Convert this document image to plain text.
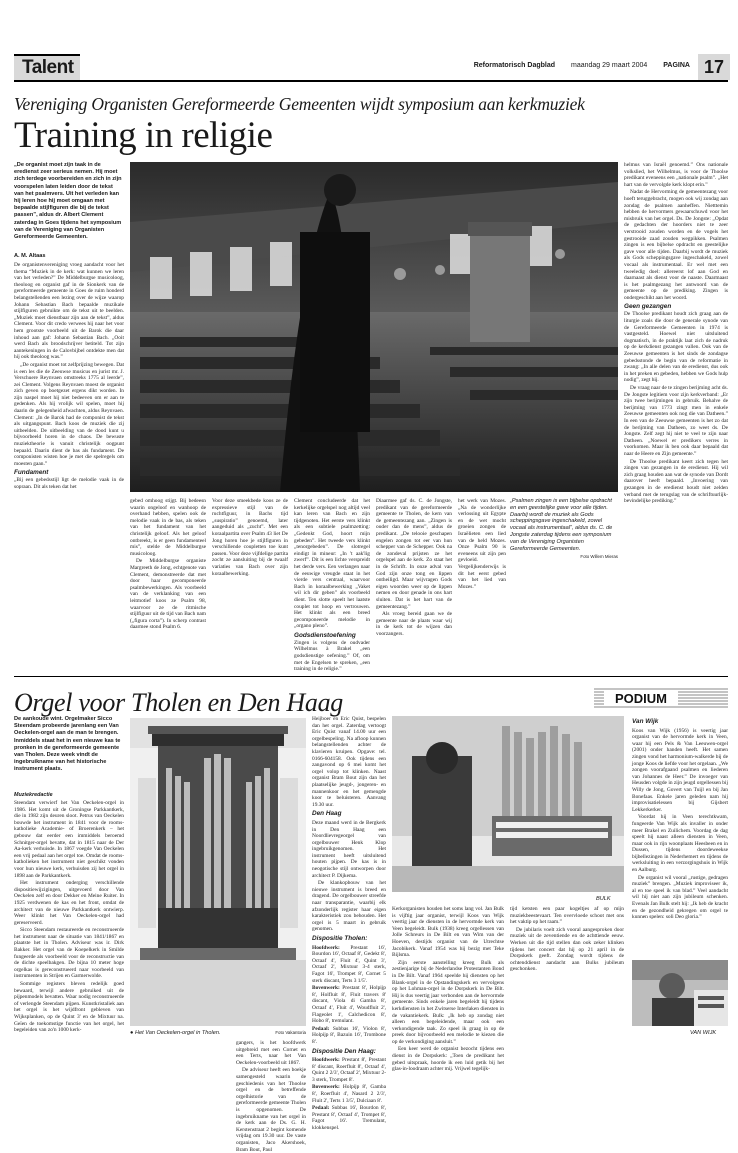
Talent	Reformatorisch Dagblad maandag 29 maart 2004 PAGINA 17
Vereniging Organisten Gereformeerde Gemeenten wijdt symposium aan kerkmuziek
Training in religie
„De organist moet zijn taak in de eredienst zeer serieus nemen. Hij moet zich terdege voorbereiden en zich in zijn voorspelen laten leiden door de tekst van het psalmvers. Uit het verleden kan hij leren hoe hij moet omgaan met bepaalde stijlfiguren die bij de tekst passen”, aldus dr. Albert Clement zaterdag in Goes tijdens het symposium van de Vereniging van Organisten Gereformeerde Gemeenten.
A. M. Altaas

De organistenvereniging vroeg aandacht voor het thema “Muziek in de kerk: wat kunnen we leren van het verleden?” De Middelburgse musicoloog, theoloog en organist gaf in de Sionkerk van de gereformeerde gemeente in Goes de ruim honderd belangstellenden een lezing over de wijze waarop Johann Sebastian Bach bepaalde muzikale stijlfiguren gebruikte om de tekst uit te beelden. „Muziek moet dienstbaar zijn aan de tekst”, aldus Clement. Voor dit credo verwees hij naar het voor hem grootste voorbeeld uit de Barok die daar inhoud aan gaf: Johann Sebastian Bach. „Ooit werd Bach als broodschrijver betiteld. Tot zijn aantekeningen in de Calovbijbel ontdekte men dat hij ook theoloog was.”

„De organist moet tot zelfprijzing bewegen. Dat is een les die de Zeeuwse musicus en jurist mr. J. Verschuere Reynvaen omstreeks 1775 al leerde”, zei Clement. Volgens Reynvaen moest de organist zich geven op boetgezet ergens dikt worden. In zijn naspel moet hij niet bedeeven om er aan te gedenken. Als hij vrolijk wil spelen, moet hij daarin de gelegenheid afwachten, aldus Reynvaen. Clement: „In de Barok had de componist de tekst als uitgangspunt. Bach koos de muziek die zij uitbeelden. De uitbeelding van de dood kunt u bijvoorbeeld horen in de chaos. De bewuste muziektheorie is vanuit christelijk oogpunt bepaald. Daarin dient de bas als fundament. De componisten wisten hoe je met die spelregels om moesten gaan.”

Fundament

„Bij een gebedsstijl ligt de melodie vaak in de sopraan. Dit als teken dat het

gebed omhoog stijgt. Bij bedeesn waarin ongeloof en wanhoop de overhand hebben, spelen ook de melodie vaak in de bas, als teken van het fundament van het christelijk geloof. Als het geloof ontbreekt, is er geen fundamenteel mis”, stelde de Middelburgse musicoloog.

De Middelburgse organiste Margreeth de Jong, echtgenote van Clement, demonstreerde dat met door haar gecomponeerde psalmbewerkingen. Als voorbeeld van de verklanking van een leitmotief koos ze Psalm 98, waarvoor ze de ritmische stijlfiguur uit de tijd van Bach nam („figura corta”). In scherp contrast daarmee stond Psalm 6.

Voor deze smeekbede koos ze de expressieve stijl van de ruchtfiguur, in Bachs tijd „suspiratio” genoemd, later aangeduid als „zucht”. Met een koraalpartita over Psalm 43 liet De Jong horen hoe je stijlfiguren in verschillende coupletten toe kunt passen. Voor deze vijfdelige partita zocht ze aansluiting bij de twaalf variaties van Bach over zijn koraalbewerking.

Clement concludeerde dat het kerkelijke orgelspel nog altijd veel kan leren van Bach en zijn tijdgenoten. Het eerste vers klinkt als een subtiele psalmzetting: „Gedenkt God, hoort mijn gebeden”. Het tweede vers klinkt „tenorgebeden”. De slotregel eindigt in mineur: „In 't aak'lig zwerf”. Dit is een lichte verspreidt het derde vers. Een verlangen naar de eeuwige vreugde staat in het vierde vers centraal, waarvoor Bach in koraalbewerking „Vaket wil ich dir geben” als voorbeeld dient. Ten slotte speelt het laatste couplet tot hoop en vertrouwen. Het klinkt als een breed gecomponeerde melodie in „organo pleno”.

Godsdienstoefening

Zingen is volgens de oudvader Wilhelmus à Brakel „een godsdienstige oefening.” Of, om met de Engelsen te spreken, „een training in de religie.”

Diaarmee gaf ds. C. de Jongste, predikant van de gereformeerde gemeente te Tholen, de kern van de gemeentezang aan. „Zingen is ouder dan de mens”, aldus de predikant. „De telooie geschapen engelen zongen tot eer van hun schepper van de Schepper. Ook na de zondeval prijsten ze het orgelspel aan de kerk. Zo staat het in de Schrift. In onze adval van God zijn onze tong en lippen ontheiligd. Maar wijvragen Gods eigen woorden weer op de lippen nemen en door genade in ons hart sluiten. Dat is het hart van de gemeentezang.”

Als vroeg bereid gaan we de gemeente naar de plaats waar wij in de kerk tot de wijzen dan voorzangers.

het werk van Mozes. „Na de wonderlijke verlossing uit Egypte en de wet mocht groeien zongen de Israëlieten een lied van de held Mozes. Onze Psalm 90 is eveneens uit zijn pen gevloeid. Vergelijkenderwijs is dit het eerst gebed van het lied van Mozes.”

„Psalmen zingen is een bijbelse opdracht en een geestelijke gave voor alle tijden. Daarbij wordt de muziek als Gods scheppingsgave ingeschakeld, zowel vocaal als instrumentaal”, aldus ds. C. de Jongste zaterdag tijdens een symposium van de Vereniging Organisten Gereformeerde Gemeenten.
Foto Willem Mieras

helmus van Israël genoemd.” Ons nationale volkslied, het Wilhelmus, is voor de Thoolse predikant eveneens een „nationale psalm”. „Het hart van de vervolgde kerk klopt erin.”

Nadat de Hervorming de gemeentezang voor hoeft teruggebracht, mogen ook wij zondag aan zondag de psalmen aanheffen. Nietttemin hebben de hervormers gewaarschuwd voor het misbruik van het orgel. Ds. De Jongste: „Opdat de gedachten der hoorders niet te zeer verstrooid zouden worden en de vogels het gestrooide zaad zouden wegpikken. Psalmen zingen is een bijbelse opdracht en geestelijke gave voor alle tijden. Daarbij wordt de muziek als Gods scheppingsgave ingeschakeld, zowel vocaal als instrumentaal. Er wel met een tweeledig doel: allereerst lof aan God en daarnaast als dienst voor de naaste. Daarmaast is het psalmgezang het antwoord van de gemeente op de prediking. Zingen is ondergeschikt aan het woord.

Geen gezangen

De Thoolse predikant houdt zich graag aan de liturgie zoals die door de generale synode van de Gereformeerde Gemeenten in 1974 is vastgesteld. Hoewel niet uitsluitend dogmatisch, in de praktijk laat zich de nadruk op de kerkdienst gezangen vallen. Ook van de Zeeuwse gemeenten is het sinds de zondagse gebedsstonde de begin van de reformatie in zwang: „In alle delen van de eredienst, dus ook in het preken en gebeden, hebben we Gods hulp nodig”, zegt hij.

De vraag naar de te zingen berijming acht ds. De Jongste legitiem voor zijn kerkverband: „Er zijn twee berijmingen in gebruik. Behalve de berijming van 1773 zingt men in enkele Zeeuwse gemeenten ook nog die van Datheen.” In een van de Zeeuwse gemeenten is het zo dat de berijming van Datheen, zo weet ds. De Jongste. Zelf zegt hij niet te veel te zijn naar Datheen. „Noewel er predikers verres in voorkomen. Maar ik ben ook daar bepaald dat naar de Heere en Zijn gemeente.”

De Thoolse predikant keert zich tegen het zingen van gezangen in de eredienst. Hij wil zich graag houden aan wat de synode van Dordt daarover heeft bepaald. „Invoering van gezangen in de eredienst houdt niet zelden verband met de terugslag van de schriftuurlijk-bevindelijke prediking.”

Orgel voor Tholen en Den Haag	PODIUM
De aankoude wint. Orgelmaker Sicco Steendam probeerde jarenlang een Van Oeckelen-orgel aan de man te brengen. Inmiddels staat het in een nieuwe kas te pronken in de gereformeerde gemeente van Tholen. Deze week vindt de ingebruikname van het historische instrument plaats.
Muziekredactie

Steendam verwierf het Van Oeckelen-orgel in 1986. Het komt uit de Groningse Parkkantkerk, die in 1982 zijn deuren sloot. Petrus van Oeckelen bouwde het instrument in 1841 voor de rooms-katholieke Academie- of Broerenkerk – het gebouw dat eerder een immiddels beroemd Schnitger-orgel bevatte, dat in 1815 naar de Der Aa-kerk verhuisde. In 1867 voegde Van Oeckelen een vrij pedaal aan het orgel toe. Omdat de rooms-katholieken het instrument niet geschikt vonden voor hun nieuwe kerk, verhuisden zij het orgel in 1898 aan de Parkkantkerk.

Het instrument onderging verschillende dispositiewijzigingen, uitgevoerd door Van Oeckelen zelf en door Dekker en Meine Ruiter. In 1925 verdwenen de kas en het front, omdat de architect van de nieuwe Parkkantkerk ontwierp. Weer klinkt het Van Oeckelen-orgel had gereserveerd.

Sicco Steendam restaureerde en reconstrueerde het instrument naar de situatie van 1841/1867 en plaatste het in Tholen. Adviseur was ir. Dirk Bakker. Het orgel van de Koepelkerk in Smilde fungeerde als voorbeeld voor de reconstructie van de dichte speelbakgen. De bijna 10 meter hoge orgelkas is gereconstrueerd naar voorbeeld van instrumenten in Strijen en Garmerwolde.

Sommige registers bleven redelijk goed bewaard, terwijl andere gebruiked uit de pijpenmodels bevatten. Waar nodig reconstrueerde of verlengde Steendam pijpen. Kunstkristaliek aan het orgel is het wijdfront gebleven van Wijksplanken, op de Quint 3' en de Mixtuur na. Geïen de toekomstige functie van het orgel, het begeleiden van zo'n 1000 kerk-	● Het Van Oeckelen-orgel in Tholen.	Foto Vakantoria

Heijboer en Eric Quist, bespelen dan het orgel. Zaterdag vertoogt Eric Quist vanaf 14.00 uur een orgelbespeling. Na afloop kunnen belangstellenden achter de klavieren kruipen. Opgave: tel. 0166-604158. Ook tijdens een zangavond op 6 mei komt het orgel volop tot klinken. Naast organist Bram Bout zijn dan het plaatselijke jeugd-, jongeren- en mannenkoor en het gemengde koor te beluisteren. Aanvang 19.30 uur.

Den Haag

Deze maand werd in de Bergkerk in Den Haag een Noordlievregeorgel van orgelbouwer Henk Klop ingebruikgenomen. Het instrument heeft uitsluitend houten pijpen. De kas is in neogotische stijl ontworpen door architect P. Dijkema.

De klankopbouw van het nieuwe instrument is breed en dragend. De orgelbouwer streefde naar transparantie, waarbij elk afzonderlijk register haar eigen karakteristiek zou behouden. Het orgel is 5 maart in gebruik genomen.

Dispositie Tholen:

Hoofdwerk: Prestant 16', Bourdon 16', Octaaf 8', Gedekt 8', Octaaf 4', Fluit 4', Quint 3', Octaaf 2', Mixtuur 3-4 sterk, Fagot 16', Trompet 8', Cornet 5 sterk discant, Terts 3 1/5'.

Bovenwerk: Prestant 8', Holpijp 8', Holfluit 8', Fluit travers 8' discant, Viola di Gamba 8', Octaaf 4', Fluit 4', Woudfluit 2', Flageolet 1', Calchedicon 8', Hobo 8', tremulant.

Pedaal: Subbas 16', Violon 8', Holpijp 8', Bazuin 16', Trombone 8'.

Dispositie Den Haag:

Hoofdwerk: Prestant 8', Prestant 8' discant, Roerfluit 8', Octaaf 4', Quint 2 2/3', Octaaf 2', Mixtuur 2-3 sterk, Trompet 8'.

Bovenwerk: Holpijp 8', Gamba 8', Roerfluit 4', Nasard 2 2/3', Fluit 2', Terts 1 3/5', Dulciaan 8'.

Pedaal: Subbas 16', Bourdon 8', Prestant 8', Octaaf 4', Trompet 8', Fagot 16'. Tremulant, klokkenspel.

BULK

Kerkorganisten houden het soms lang vol. Jan Bulk is vijftig jaar organist, terwijl Koos van Wijk veertig jaar de diensten in de hervormde kerk van Veen begeleidt. Bulk (1938) kreeg orgellessen van Jolle Schreurs in De Bilt en van Wim van der Hoeven, destijds organist van de Utrechtse Jacobikerk. Vanaf 1954 was hij bezig met Teke Bijlsma.

Zijn eerste aanstelling kreeg Bulk als zestienjarige bij de Nederlandse Protestanten Bond in De Bilt. Vanaf 1964 speelde hij diensten op het Blank-orgel in de Opstandingskerk en vervolgens op het Lohman-orgel in de Dorpskerk in De Bilt. Hij is dus veertig jaar verbonden aan de hervormde gemeente. Sinds enkele jaren begeleidt hij tijdens kerkdiensten in het Zwitserse Interlaken diensten in de vakantiekerk. Bulk: „Ik heb op zondag niet alleen een begeleidende, maar ook een verkondigende taak. Zo speel ik graag in op de preek door bijvoorbeeld een melodie te kiezen die op de verkondiging aansluit.”

Een keer werd de organist bezocht tijdens een dienst in de Dorpskerk: „Toen de predikant het gebed uitspraak, hoorde ik een luid getik bij het glas-in-loodraam achter mij. Vrijwel tegelijk-

tijd ketsten een paar kogeltjes af op mijn muziekbeestevaart. Ten overvloede schoot met ons het vaktip op het raam.”

De jubilaris voelt zich vooral aangesproken door muziek uit de zeventiende en de achttiende eeuw. Werken uit die tijd stellen dan ook zeker klinken tijdens het concert dat hij op 21 april in de Dorpskerk geeft. Zondag wordt tijdens de ochtenddienst aandacht aan Bulks jubileum geschonken.

Van Wijk

Koos van Wijk (1956) is veertig jaar organist van de hervormde kerk in Veen, waar hij een Pels & Van Leeuwen-orgel (2001) onder handen heeft. Het samen zingen vond het harmonium-walkerde bij de jonge Koos de liefde voor het orgelaan. „We zongen voorafgaand psalmen en liederen van Johannes de Heer.” De invoeger van Heusden volgde in zijn jeugd orgellessen bij Willy de Jong, Govert van Tuijl en bij Jan Bonefaas. Enkele jaren geleden nam hij improvisatielessen bij Gijsbert Lekkerkerker.

Voordat hij in Veen terechtkwam, fungeerde Van Wijk als invaller in onder meer Brakel en Zuilichem. Voordag de dag speelt hij naast alleen diensten in Veen, maar ook in rijn woonplaats Heesbeen en in Dussen, tijdens doordeweekse bijbellezingen in Nederhemert en tijdens de werksluiting in een verzorgingshuis in Wijk en Aalburg.

De organist wil vooral „rustige, gedragen muziek” brengen. „Muziek improviseer ik, al en toe speel ik van blad.” Veel aandacht wil hij niet aan zijn jubileum schenken. Evenals Jan Bulk stelt hij: „Ik heb de kracht en de gezondheid gekregen om orgel te kunnen spelen: soli Deo gloria.”

VAN WIJK

gangers, is het hoofdwerk uitgebreid met een Cornet en een Terts, naar het Van Oeckelen-voorbeeld uit 1867.

De adviseur heeft een boekje samengesteld waarin de geschiedenis van het Thoolse orgel en de betreffende orgelhistorie van de gereformeerde gemeente Tholen is opgenomen. De ingebruikname van het orgel in de kerk aan de Ds. G. H. Kerstenstraat 2 begint komende vrijdag om 19.30 uur. De vaste organisten, Jaco Akershoek, Bram Bout, Paul
